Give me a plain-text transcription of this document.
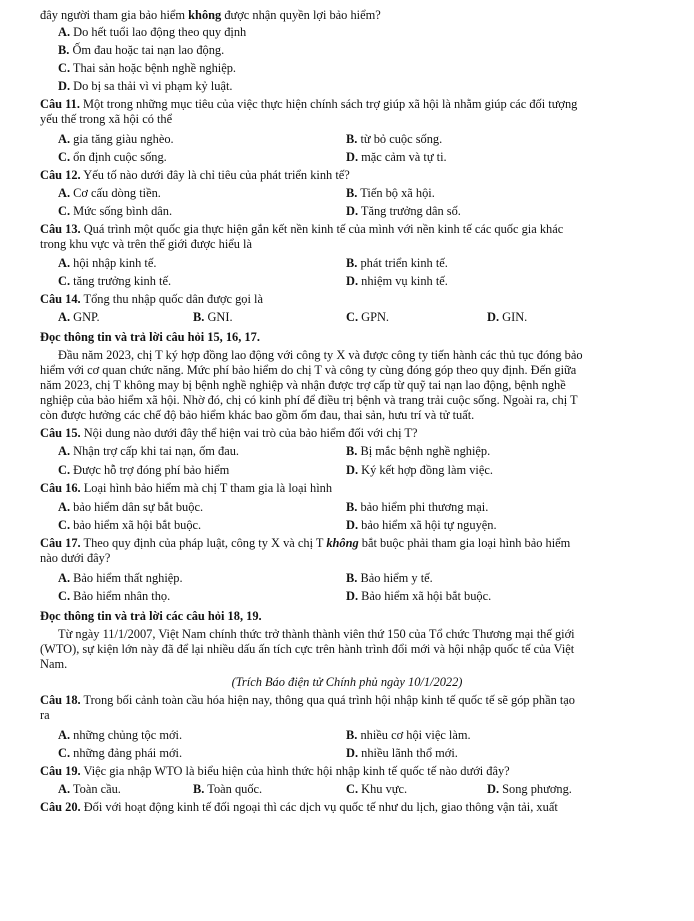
đây người tham gia bảo hiểm không được nhận quyền lợi bảo hiểm?
A. Do hết tuổi lao động theo quy định
B. Ốm đau hoặc tai nạn lao động.
C. Thai sản hoặc bệnh nghề nghiệp.
D. Do bị sa thải vì vi phạm kỷ luật.
Câu 11. Một trong những mục tiêu của việc thực hiện chính sách trợ giúp xã hội là nhằm giúp các đối tượng
yếu thế trong xã hội có thể
A. gia tăng giàu nghèo.	B. từ bỏ cuộc sống.
C. ổn định cuộc sống.	D. mặc cảm và tự ti.
Câu 12. Yếu tố nào dưới đây là chỉ tiêu của phát triển kinh tế?
A. Cơ cấu dòng tiền.	B. Tiến bộ xã hội.
C. Mức sống bình dân.	D. Tăng trưởng dân số.
Câu 13. Quá trình một quốc gia thực hiện gắn kết nền kinh tế của mình với nền kinh tế các quốc gia khác
trong khu vực và trên thế giới được hiểu là
A. hội nhập kinh tế.	B. phát triển kinh tế.
C. tăng trưởng kinh tế.	D. nhiệm vụ kinh tế.
Câu 14. Tổng thu nhập quốc dân được gọi là
A. GNP.	B. GNI.	C. GPN.	D. GIN.
Đọc thông tin và trả lời câu hỏi 15, 16, 17.
Đầu năm 2023, chị T ký hợp đồng lao động với công ty X và được công ty tiến hành các thủ tục đóng bảo
hiểm với cơ quan chức năng. Mức phí bảo hiểm do chị T và công ty cùng đóng góp theo quy định. Đến giữa
năm 2023, chị T không may bị bệnh nghề nghiệp và nhận được trợ cấp từ quỹ tai nạn lao động, bệnh nghề
nghiệp của bảo hiểm xã hội. Nhờ đó, chị có kinh phí để điều trị bệnh và trang trải cuộc sống. Ngoài ra, chị T
còn được hưởng các chế độ bảo hiểm khác bao gồm ốm đau, thai sản, hưu trí và tử tuất.
Câu 15. Nội dung nào dưới đây thể hiện vai trò của bảo hiểm đối với chị T?
A. Nhận trợ cấp khi tai nạn, ốm đau.	B. Bị mắc bệnh nghề nghiệp.
C. Được hỗ trợ đóng phí bảo hiểm	D. Ký kết hợp đồng làm việc.
Câu 16. Loại hình bảo hiểm mà chị T tham gia là loại hình
A. bảo hiểm dân sự bắt buộc.	B. bảo hiểm phi thương mại.
C. bảo hiểm xã hội bắt buộc.	D. bảo hiểm xã hội tự nguyện.
Câu 17. Theo quy định của pháp luật, công ty X và chị T không bắt buộc phải tham gia loại hình bảo hiểm
nào dưới đây?
A. Bảo hiểm thất nghiệp.	B. Bảo hiểm y tế.
C. Bảo hiểm nhân thọ.	D. Bảo hiểm xã hội bắt buộc.
Đọc thông tin và trả lời các câu hỏi 18, 19.
Từ ngày 11/1/2007, Việt Nam chính thức trở thành thành viên thứ 150 của Tổ chức Thương mại thế giới
(WTO), sự kiện lớn này đã để lại nhiều dấu ấn tích cực trên hành trình đổi mới và hội nhập quốc tế của Việt
Nam.
(Trích Báo điện tử Chính phủ ngày 10/1/2022)
Câu 18. Trong bối cảnh toàn cầu hóa hiện nay, thông qua quá trình hội nhập kinh tế quốc tế sẽ góp phần tạo
ra
A. những chủng tộc mới.	B. nhiều cơ hội việc làm.
C. những đảng phái mới.	D. nhiều lãnh thổ mới.
Câu 19. Việc gia nhập WTO là biểu hiện của hình thức hội nhập kinh tế quốc tế nào dưới đây?
A. Toàn cầu.	B. Toàn quốc.	C. Khu vực.	D. Song phương.
Câu 20. Đối với hoạt động kinh tế đối ngoại thì các dịch vụ quốc tế như du lịch, giao thông vận tải, xuất
